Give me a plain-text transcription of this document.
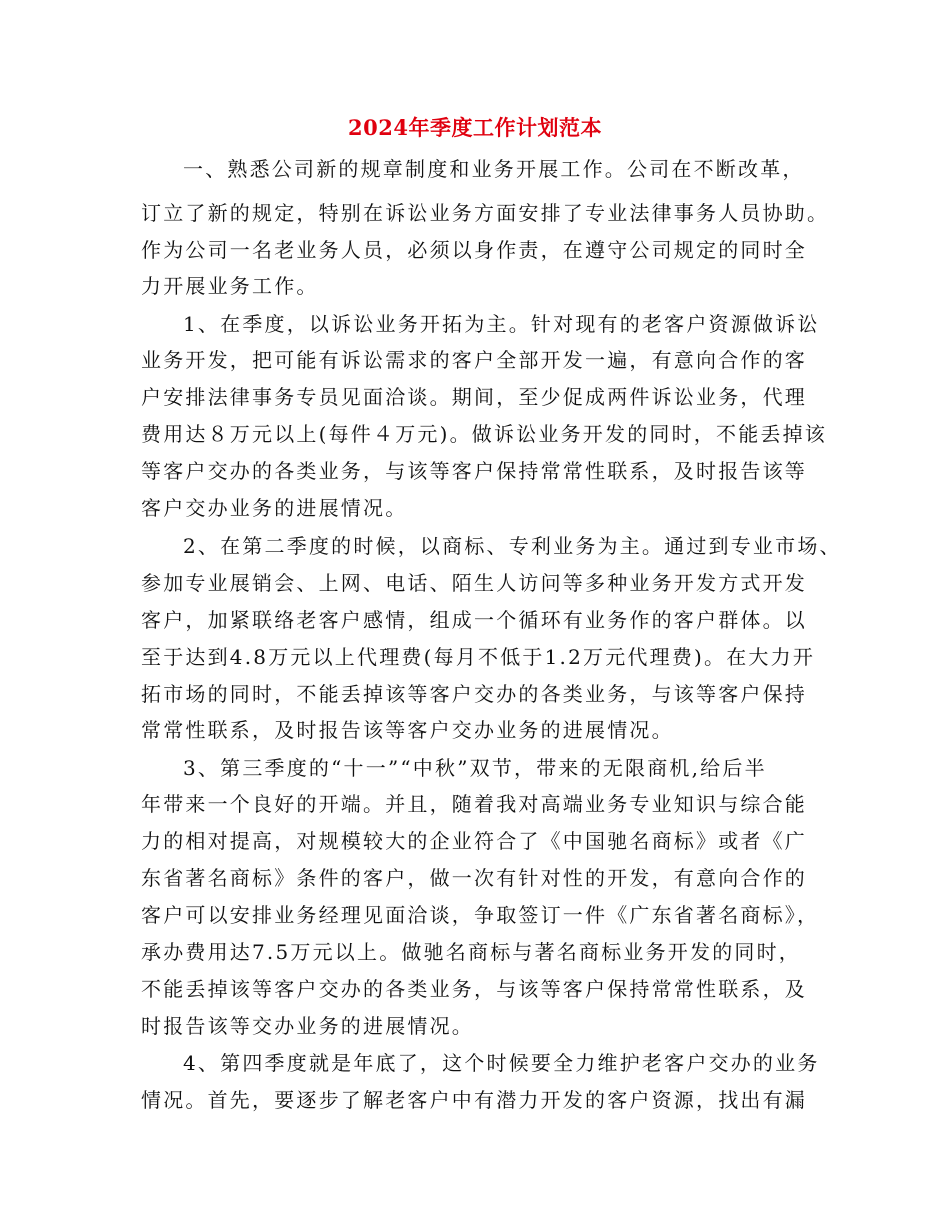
2024年季度工作计划范本
一、熟悉公司新的规章制度和业务开展工作。公司在不断改革，
订立了新的规定，特别在诉讼业务方面安排了专业法律事务人员协助。
作为公司一名老业务人员，必须以身作责，在遵守公司规定的同时全
力开展业务工作。
1、在季度，以诉讼业务开拓为主。针对现有的老客户资源做诉讼
业务开发，把可能有诉讼需求的客户全部开发一遍，有意向合作的客
户安排法律事务专员见面洽谈。期间，至少促成两件诉讼业务，代理
费用达８万元以上(每件４万元)。做诉讼业务开发的同时，不能丢掉该
等客户交办的各类业务，与该等客户保持常常性联系，及时报告该等
客户交办业务的进展情况。
2、在第二季度的时候，以商标、专利业务为主。通过到专业市场、
参加专业展销会、上网、电话、陌生人访问等多种业务开发方式开发
客户，加紧联络老客户感情，组成一个循环有业务作的客户群体。以
至于达到4.8万元以上代理费(每月不低于1.2万元代理费)。在大力开
拓市场的同时，不能丢掉该等客户交办的各类业务，与该等客户保持
常常性联系，及时报告该等客户交办业务的进展情况。
3、第三季度的“十一”“中秋”双节，带来的无限商机,给后半
年带来一个良好的开端。并且，随着我对高端业务专业知识与综合能
力的相对提高，对规模较大的企业符合了《中国驰名商标》或者《广
东省著名商标》条件的客户，做一次有针对性的开发，有意向合作的
客户可以安排业务经理见面洽谈，争取签订一件《广东省著名商标》，
承办费用达7.5万元以上。做驰名商标与著名商标业务开发的同时，
不能丢掉该等客户交办的各类业务，与该等客户保持常常性联系，及
时报告该等交办业务的进展情况。
4、第四季度就是年底了，这个时候要全力维护老客户交办的业务
情况。首先，要逐步了解老客户中有潜力开发的客户资源，找出有漏
